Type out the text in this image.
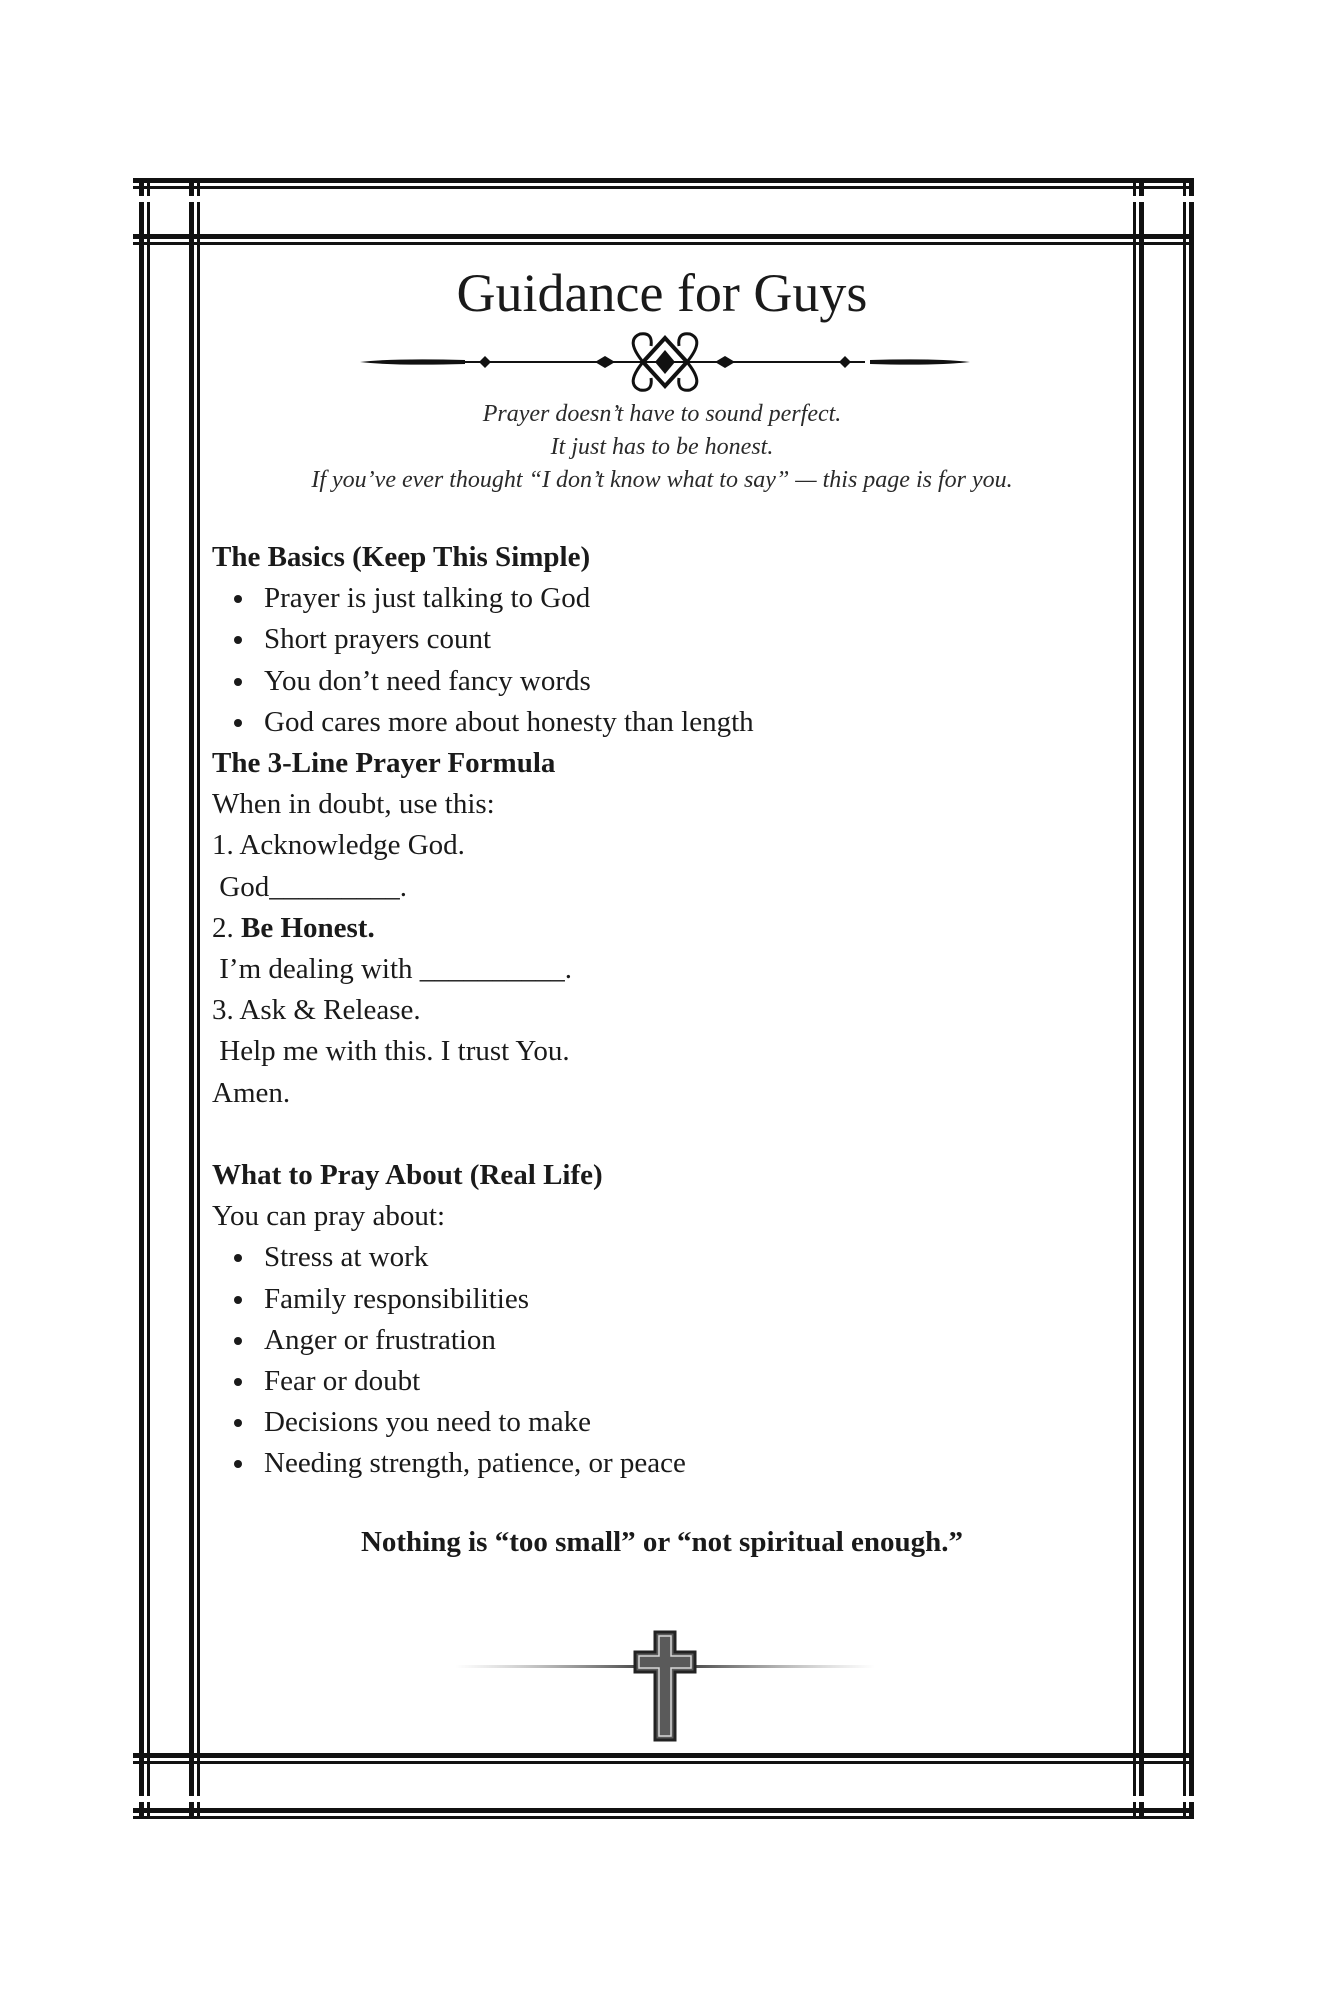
Guidance for Guys
Prayer doesn’t have to sound perfect.
It just has to be honest.
If you’ve ever thought “I don’t know what to say” — this page is for you.
The Basics (Keep This Simple)
Prayer is just talking to God
Short prayers count
You don’t need fancy words
God cares more about honesty than length
The 3-Line Prayer Formula
When in doubt, use this:
1. Acknowledge God.
God_________.
2. Be Honest.
I’m dealing with __________.
3. Ask & Release.
Help me with this. I trust You.
Amen.
What to Pray About (Real Life)
You can pray about:
Stress at work
Family responsibilities
Anger or frustration
Fear or doubt
Decisions you need to make
Needing strength, patience, or peace
Nothing is “too small” or “not spiritual enough.”
